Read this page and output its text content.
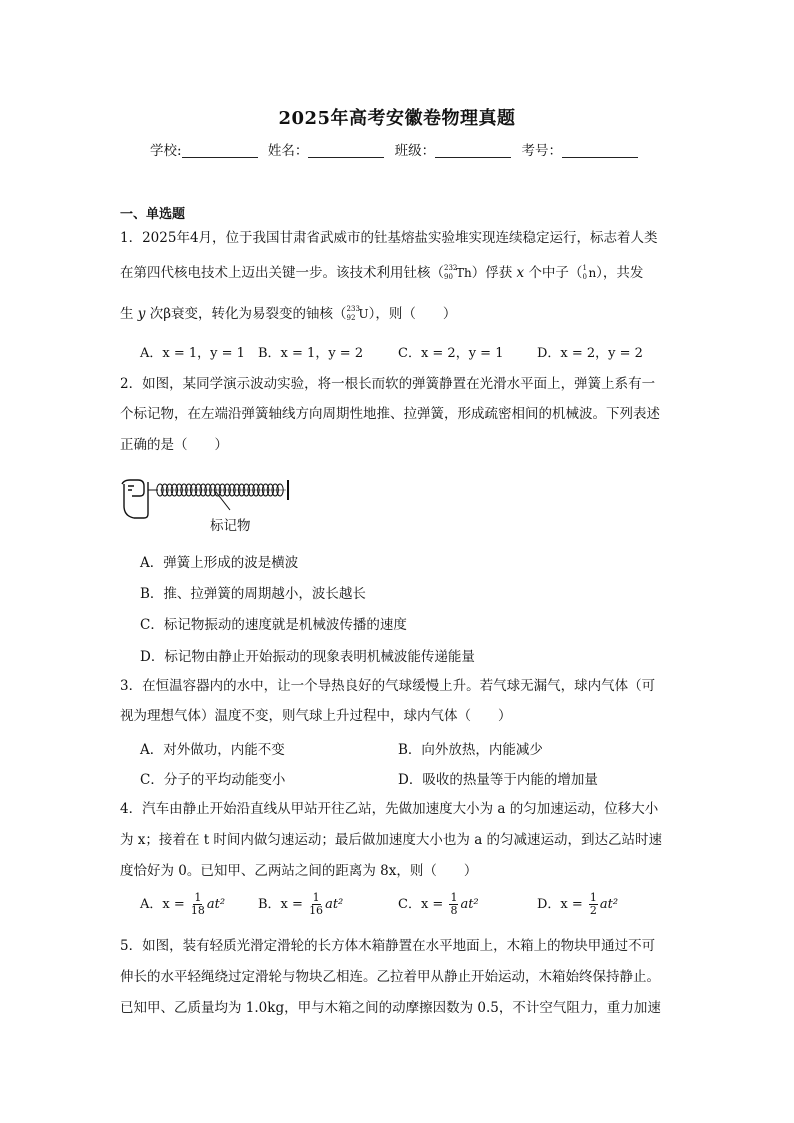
2025年高考安徽卷物理真题
学校:	姓名：	班级：	考号：
一、单选题
1．2025年4月，位于我国甘肃省武威市的钍基熔盐实验堆实现连续稳定运行，标志着人类
在第四代核电技术上迈出关键一步。该技术利用钍核（ 232
90 Th）俘获 x 个中子（ 1
0 n），共发
生 y 次β衰变，转化为易裂变的铀核（ 233
92 U），则（　　）
A．x = 1，y = 1 B．x = 1，y = 2	C．x = 2，y = 1	D．x = 2，y = 2
2．如图，某同学演示波动实验，将一根长而软的弹簧静置在光滑水平面上，弹簧上系有一
个标记物，在左端沿弹簧轴线方向周期性地推、拉弹簧，形成疏密相间的机械波。下列表述
正确的是（　　）
标记物
A．弹簧上形成的波是横波
B．推、拉弹簧的周期越小，波长越长
C．标记物振动的速度就是机械波传播的速度
D．标记物由静止开始振动的现象表明机械波能传递能量
3．在恒温容器内的水中，让一个导热良好的气球缓慢上升。若气球无漏气，球内气体（可
视为理想气体）温度不变，则气球上升过程中，球内气体（　　）
A．对外做功，内能不变	B．向外放热，内能减少
C．分子的平均动能变小	D．吸收的热量等于内能的增加量
4．汽车由静止开始沿直线从甲站开往乙站，先做加速度大小为 a 的匀加速运动，位移大小
为 x；接着在 t 时间内做匀速运动；最后做加速度大小也为 a 的匀减速运动，到达乙站时速
度恰好为 0。已知甲、乙两站之间的距离为 8x，则（　　）
A．$x = \frac{1}{18} at^2$	B．$x = \frac{1}{16} at^2$	C．$x = \frac{1}{8} at^2$	D．$x = \frac{1}{2} at^2$
5．如图，装有轻质光滑定滑轮的长方体木箱静置在水平地面上，木箱上的物块甲通过不可
伸长的水平轻绳绕过定滑轮与物块乙相连。乙拉着甲从静止开始运动，木箱始终保持静止。
已知甲、乙质量均为 1.0kg，甲与木箱之间的动摩擦因数为 0.5，不计空气阻力，重力加速
